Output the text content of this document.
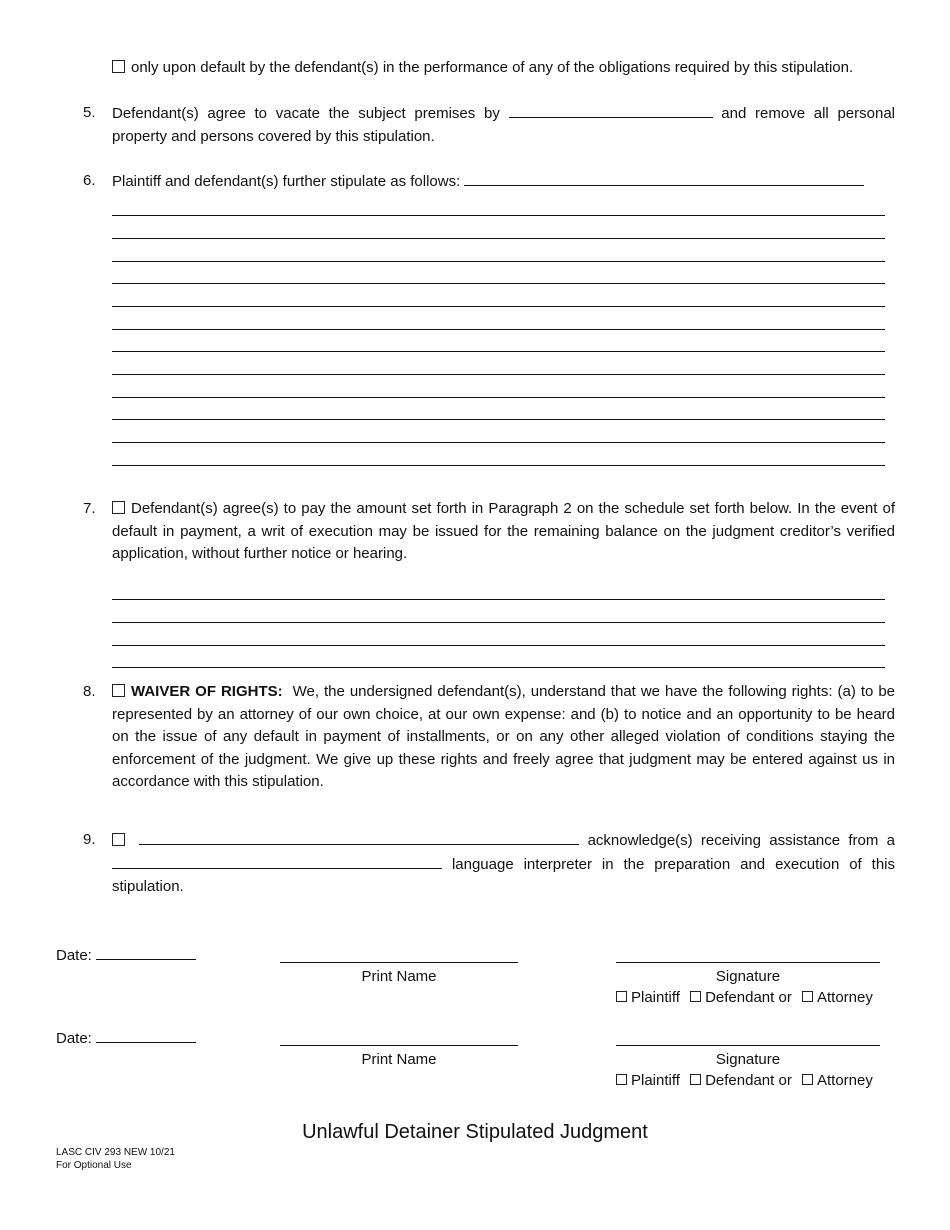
only upon default by the defendant(s) in the performance of any of the obligations required by this stipulation.
5.	Defendant(s) agree to vacate the subject premises by	and remove all personal property and persons covered by this stipulation.
6.	Plaintiff and defendant(s) further stipulate as follows:
7.	Defendant(s) agree(s) to pay the amount set forth in Paragraph 2 on the schedule set forth below. In the event of default in payment, a writ of execution may be issued for the remaining balance on the judgment creditor’s verified application, without further notice or hearing.
8.	WAIVER OF RIGHTS: We, the undersigned defendant(s), understand that we have the following rights: (a) to be represented by an attorney of our own choice, at our own expense: and (b) to notice and an opportunity to be heard on the issue of any default in payment of installments, or on any other alleged violation of conditions staying the enforcement of the judgment. We give up these rights and freely agree that judgment may be entered against us in accordance with this stipulation.
9.	acknowledge(s) receiving assistance from a  language interpreter in the preparation and execution of this stipulation.
Date:
Print Name	Signature
Plaintiff Defendant or Attorney
Date:
Print Name	Signature
Plaintiff Defendant or Attorney
Unlawful Detainer Stipulated Judgment
LASC CIV 293 NEW 10/21
For Optional Use
